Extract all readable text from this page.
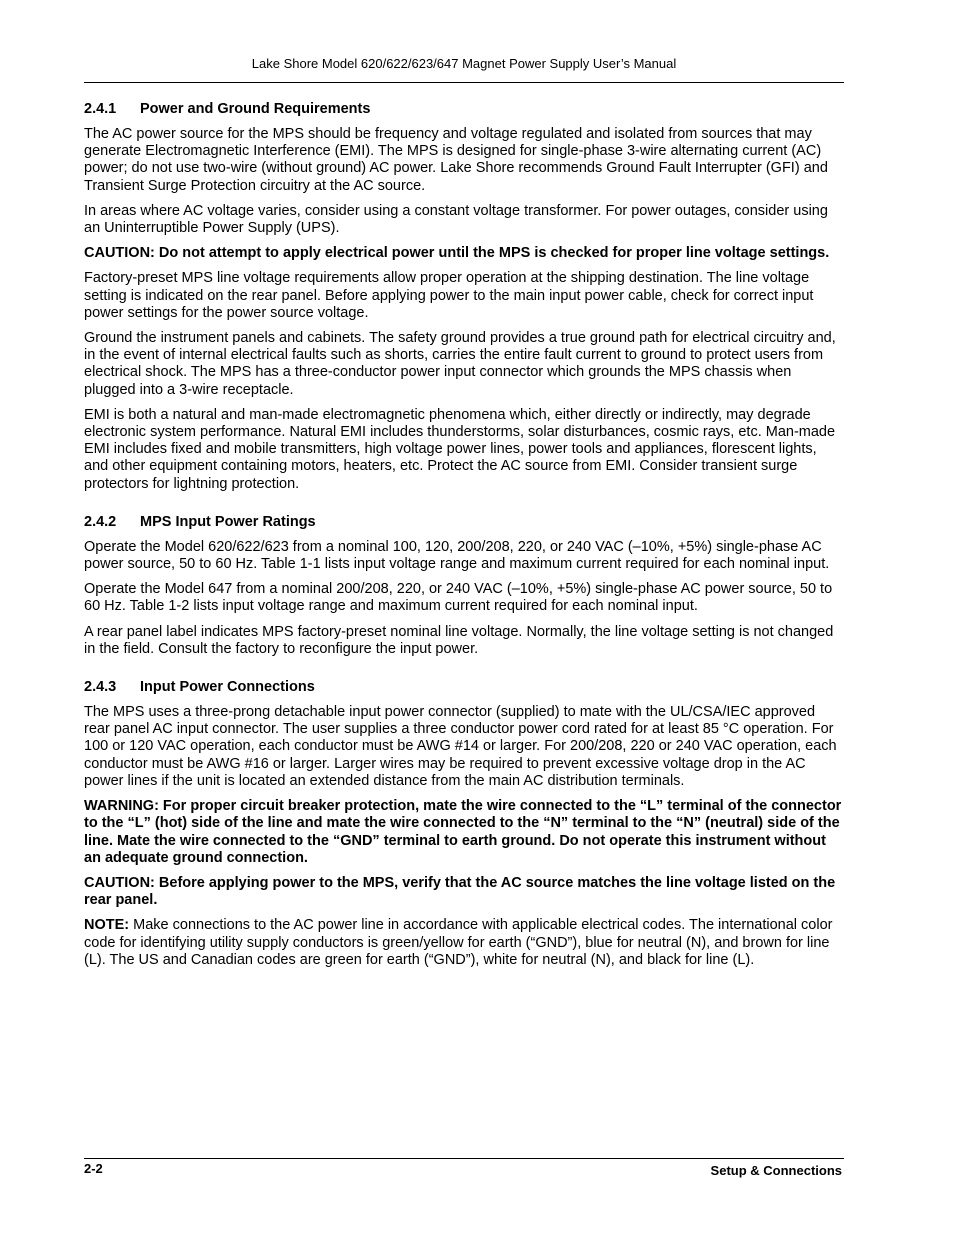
Lake Shore Model 620/622/623/647 Magnet Power Supply User’s Manual
2.4.1 Power and Ground Requirements

The AC power source for the MPS should be frequency and voltage regulated and isolated from sources that may generate Electromagnetic Interference (EMI). The MPS is designed for single-phase 3-wire alternating current (AC) power; do not use two-wire (without ground) AC power. Lake Shore recommends Ground Fault Interrupter (GFI) and Transient Surge Protection circuitry at the AC source.

In areas where AC voltage varies, consider using a constant voltage transformer. For power outages, consider using an Uninterruptible Power Supply (UPS).

CAUTION: Do not attempt to apply electrical power until the MPS is checked for proper line voltage settings.

Factory-preset MPS line voltage requirements allow proper operation at the shipping destination. The line voltage setting is indicated on the rear panel. Before applying power to the main input power cable, check for correct input power settings for the power source voltage.

Ground the instrument panels and cabinets. The safety ground provides a true ground path for electrical circuitry and, in the event of internal electrical faults such as shorts, carries the entire fault current to ground to protect users from electrical shock. The MPS has a three-conductor power input connector which grounds the MPS chassis when plugged into a 3-wire receptacle.

EMI is both a natural and man-made electromagnetic phenomena which, either directly or indirectly, may degrade electronic system performance. Natural EMI includes thunderstorms, solar disturbances, cosmic rays, etc. Man-made EMI includes fixed and mobile transmitters, high voltage power lines, power tools and appliances, florescent lights, and other equipment containing motors, heaters, etc. Protect the AC source from EMI. Consider transient surge protectors for lightning protection.

2.4.2 MPS Input Power Ratings

Operate the Model 620/622/623 from a nominal 100, 120, 200/208, 220, or 240 VAC (–10%, +5%) single-phase AC power source, 50 to 60 Hz. Table 1-1 lists input voltage range and maximum current required for each nominal input.

Operate the Model 647 from a nominal 200/208, 220, or 240 VAC (–10%, +5%) single-phase AC power source, 50 to 60 Hz. Table 1-2 lists input voltage range and maximum current required for each nominal input.

A rear panel label indicates MPS factory-preset nominal line voltage. Normally, the line voltage setting is not changed in the field. Consult the factory to reconfigure the input power.

2.4.3 Input Power Connections

The MPS uses a three-prong detachable input power connector (supplied) to mate with the UL/CSA/IEC approved rear panel AC input connector. The user supplies a three conductor power cord rated for at least 85 °C operation. For 100 or 120 VAC operation, each conductor must be AWG #14 or larger. For 200/208, 220 or 240 VAC operation, each conductor must be AWG #16 or larger. Larger wires may be required to prevent excessive voltage drop in the AC power lines if the unit is located an extended distance from the main AC distribution terminals.

WARNING: For proper circuit breaker protection, mate the wire connected to the “L” terminal of the connector to the “L” (hot) side of the line and mate the wire connected to the “N” terminal to the “N” (neutral) side of the line. Mate the wire connected to the “GND” terminal to earth ground. Do not operate this instrument without an adequate ground connection.

CAUTION: Before applying power to the MPS, verify that the AC source matches the line voltage listed on the rear panel.

NOTE: Make connections to the AC power line in accordance with applicable electrical codes. The international color code for identifying utility supply conductors is green/yellow for earth (“GND”), blue for neutral (N), and brown for line (L). The US and Canadian codes are green for earth (“GND”), white for neutral (N), and black for line (L).

2-2	Setup & Connections
